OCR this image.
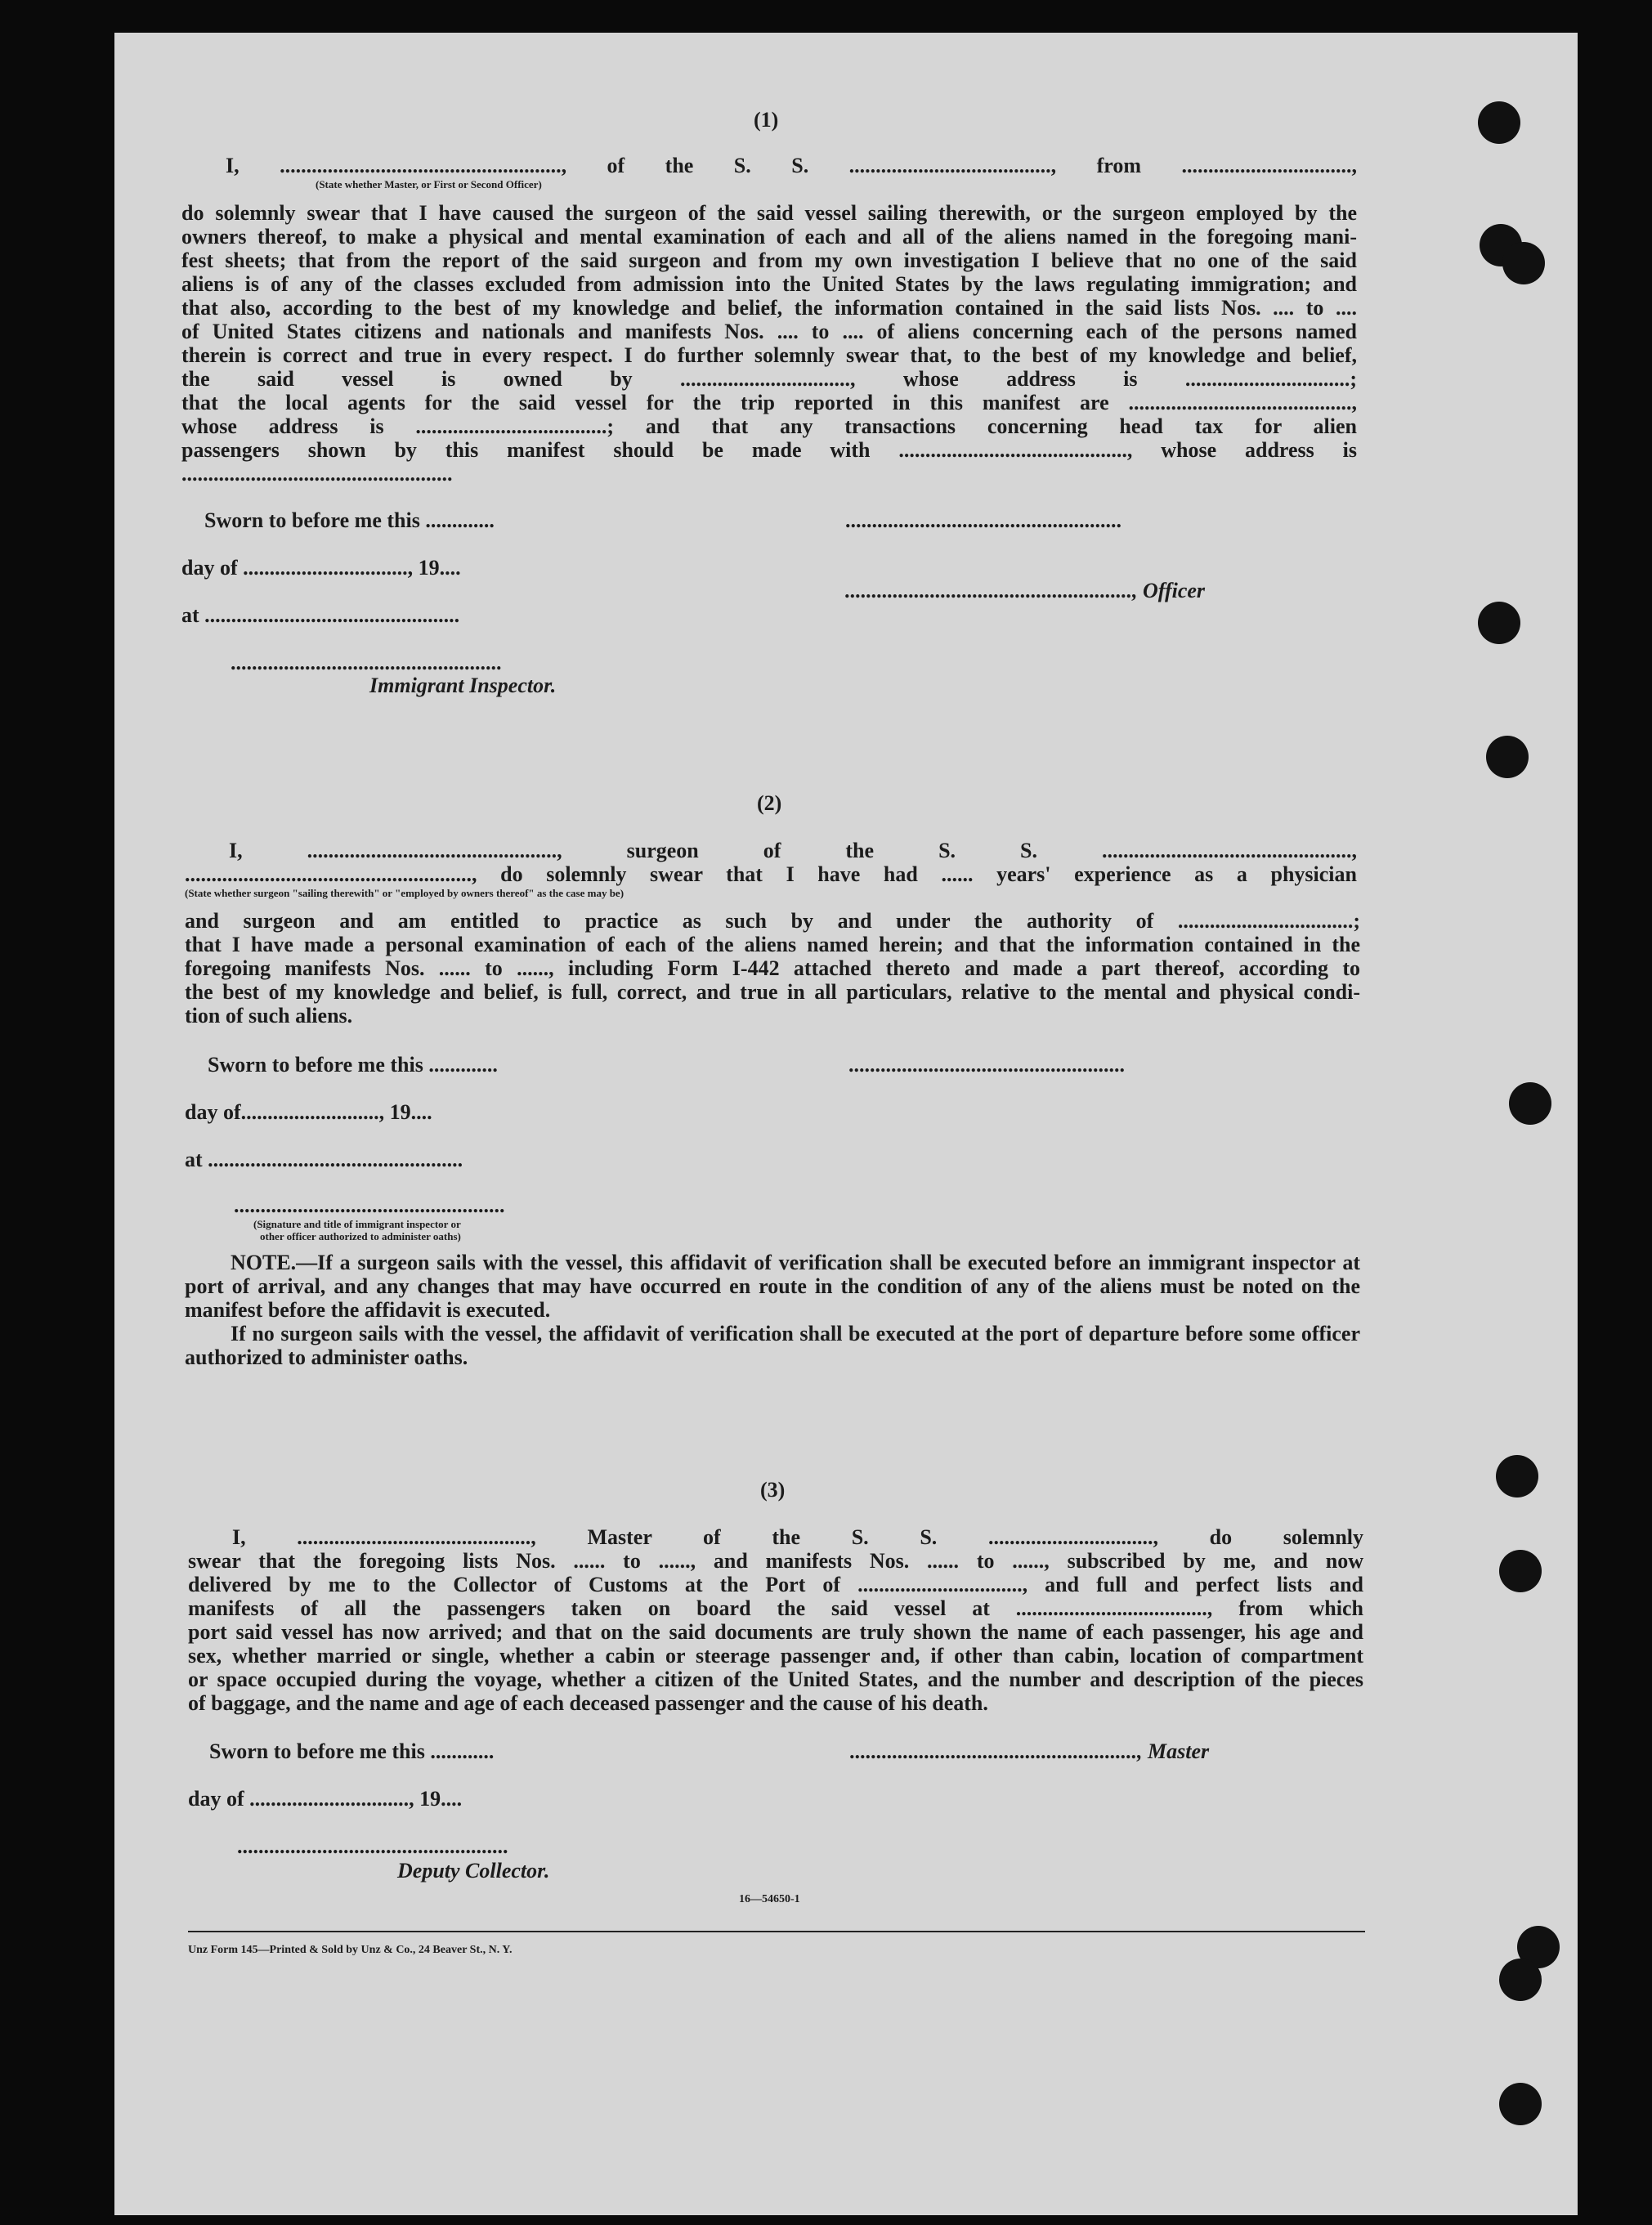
(1)
I, ....................................................., of the S. S. ......................................, from ................................,
(State whether Master, or First or Second Officer)
do solemnly swear that I have caused the surgeon of the said vessel sailing therewith, or the surgeon employed by the
owners thereof, to make a physical and mental examination of each and all of the aliens named in the foregoing mani-
fest sheets; that from the report of the said surgeon and from my own investigation I believe that no one of the said
aliens is of any of the classes excluded from admission into the United States by the laws regulating immigration; and
that also, according to the best of my knowledge and belief, the information contained in the said lists Nos. .... to ....
of United States citizens and nationals and manifests Nos. .... to .... of aliens concerning each of the persons named
therein is correct and true in every respect. I do further solemnly swear that, to the best of my knowledge and belief,
the said vessel is owned by ................................, whose address is ...............................;
that the local agents for the said vessel for the trip reported in this manifest are ..........................................,
whose address is ....................................; and that any transactions concerning head tax for alien
passengers shown by this manifest should be made with ..........................................., whose address is
...................................................
Sworn to before me this .............	....................................................
day of ..............................., 19....
......................................................, Officer
at ................................................
...................................................
Immigrant Inspector.
(2)
I, ..............................................., surgeon of the S. S. ...............................................,
......................................................, do solemnly swear that I have had ...... years' experience as a physician
(State whether surgeon "sailing therewith" or "employed by owners thereof" as the case may be)
and surgeon and am entitled to practice as such by and under the authority of .................................;
that I have made a personal examination of each of the aliens named herein; and that the information contained in the
foregoing manifests Nos. ...... to ......, including Form I-442 attached thereto and made a part thereof, according to
the best of my knowledge and belief, is full, correct, and true in all particulars, relative to the mental and physical condi-
tion of such aliens.
Sworn to before me this .............	....................................................
day of.........................., 19....
at ................................................
...................................................
(Signature and title of immigrant inspector or
other officer authorized to administer oaths)
NOTE.—If a surgeon sails with the vessel, this affidavit of verification shall be executed before an immigrant inspector at port of arrival, and any changes that may have occurred en route in the condition of any of the aliens must be noted on the manifest before the affidavit is executed.
If no surgeon sails with the vessel, the affidavit of verification shall be executed at the port of departure before some officer authorized to administer oaths.
(3)
I, ............................................, Master of the S. S. ..............................., do solemnly
swear that the foregoing lists Nos. ...... to ......, and manifests Nos. ...... to ......, subscribed by me, and now
delivered by me to the Collector of Customs at the Port of ..............................., and full and perfect lists and
manifests of all the passengers taken on board the said vessel at ...................................., from which
port said vessel has now arrived; and that on the said documents are truly shown the name of each passenger, his age and
sex, whether married or single, whether a cabin or steerage passenger and, if other than cabin, location of compartment
or space occupied during the voyage, whether a citizen of the United States, and the number and description of the pieces
of baggage, and the name and age of each deceased passenger and the cause of his death.
Sworn to before me this ............	......................................................, Master
day of .............................., 19....
...................................................
Deputy Collector.
16—54650-1
Unz Form 145—Printed & Sold by Unz & Co., 24 Beaver St., N. Y.
